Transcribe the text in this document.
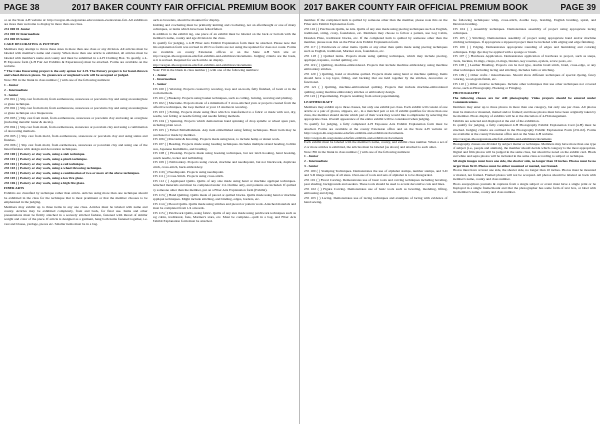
PAGE 38	2017 BAKER COUNTY FAIR OFFICIAL PREMIUM BOOK

or on the State 4-H website at: http://oregon.4h.oregonstate.edu/contests-events/state-fair. All exhibitors are more than welcome to display in more than one class.

231 000 01 Junior

231 000 02 Intermediate

231 000 03 Senior

CAKE DECORATING & POTTERY

Members may attempt to throw these sizes in more than one class or any division. All articles must be labeled with member's name and county. When more than one article is exhibited, all articles must be labeled with member's name and county and must be submitted in a 4-H Clothing Box. To qualify, a 4-H Exposure form (4-H Fair Art Exhibits & Experiences) must be attached. Forms are available on the website.

* The Cake Decorating project is the only option for 4-H. The Pottery project is for hand-thrown and wheel-thrown pieces. No greenware or unglazed work will be accepted or judged.

Note: Fill in the blank in class number ( ) with one of the following numbers:

1 - Junior

2 - Intermediate

3 - Senior

235 001 ( ) Slip cast from mold, from earthenware, stoneware or porcelain clay and using an underglaze or glaze technique.

235 002 ( ) Slip cast from mold, from earthenware, stoneware or porcelain clay and using an underglaze or glaze technique on a bisqueware.

235 003 ( ) Slip cast from mold, from earthenware, stoneware or porcelain clay and using an overglaze (including metallic luster & decals).

235 004 ( ) Slip cast from mold, from earthenware, stoneware or porcelain clay and using a combination of decorating methods.

235 005 ( ) Slip cast from mold, from earthenware, stoneware or porcelain clay and using stains and finishes.

235 006 ( ) Slip cast from mold, from earthenware, stoneware or porcelain clay and using one of the listed finishes with design and decoration techniques.

235 100 ( ) Pottery or clay work, using a slab technique.

235 101 ( ) Pottery or clay work, using a pinch technique.

235 102 ( ) Pottery or clay work, using a coil technique.

235 103 ( ) Pottery or clay work, using a wheel throwing technique.

235 104 ( ) Pottery or clay work, using a combination of two or more of the above techniques.

235 105 ( ) Pottery or clay work, using a low fire glaze.

235 106 ( ) Pottery or clay work, using a high fire glaze.

FIBER ARTS

Exhibits are classified by technique rather than article. Articles using more than one technique should be exhibited in the class for the technique that is most prominent or that the member chooses to be emphasized in the judging.

Members may exhibit up to three items in any one class. Articles must be labeled with name and county. Articles may be exhibited completely, front and back, for final use. Items and other presentations must be firmly attached in a securely stitched fashion, fastened with thread of similar weight and color of the piece. If article is designed as a garment, hang both items fastened together, i.e. vest and blouse, yardage, pieces etc. Smaller items must be in a bag.

such as bracelets, should be mounted for display.

Knitting and crocheting must be primarily knitting and crocheting, not an afterthought or one of many techniques, or items which have been felted/felted.

In addition to the exhibit tag, one piece of an exhibit must be labeled on the back or bottom with the member's name, county and age division in the class.

To qualify for judging, a 4-H Fiber Arts Exhibit Explanation form must be attached. Please note that this explanation form was revised in 2013 so forms are not using the updated for does not count. Forms are available on county Extension offices or on the State 4-H Web site at: http://oregon.4h.oregonstate.edu/fair-exhibits-and-exhibitors/documents. Judging criteria are the basis, as it is revised. Required for each article on display.

http://oregon.4h.oregonstate.edu/fair-exhibits-and-exhibitors/documents

Note: Fill in the blank in class number ( ) with one of the following numbers:

1 - Junior

2 - Intermediate

3 - Senior

235 100 ( ) Weaving. Projects created by weaving, loop and on-loom, fully finished, of loom or in the loom methods.

235 101 ( ) Basketry. Projects using basket techniques, such as coiling, twining, weaving and plaiting.

235 102 ( ) Macrame. Projects made of a minimum of 3 cross-stitched yarn or projects created from the reflective techniques, the loop method or your 13 studies in weaving.

235 103 ( ) Felting. Projects made using fiber which is transformed to a fabric or made with wet, dry, needle, wet felting or needle felting and needle felting methods.

235 104 ( ) Spinning. Projects which demonstrate hand spinning of drop spindle or wheel spun yarn, including plain wool.

235 105 ( ) Felted Embellishment. Any item embellished using felting techniques. Basic item may be purchased or made by member.

235 106 ( ) Macramé & Knotting. Projects made using knot, to include hemp or sinnet work.

235 107 ( ) Beading. Projects made using beading techniques. Includes multiple strand beading, bobbin lace, Japanese Kumihimo, and braiding.

235 108 ( ) Hooking. Projects made using hooking techniques, but not latch hooking, hand hooking, punch needle, locker and nalbinding.

235 109 ( ) Embroidery. Projects using crewel, machine and needlepoint, but not blackwork, duplicate stitch, cross-stitch, huck embroidery.

235 110 ( ) Needlepoint. Projects using needlepoint.

235 111 ( ) Cross-Stitch. Projects using cross-stitch.

235 112 ( ) Appliqued Quilts. Quilts of any size made using hand or machine appliqué techniques. Attached materials and must be completed under 1/4. Outline only, and patterns are included. If quilted by someone other than the member, put on a Fiber Arts Explanation form (Exhibit).

235 113 ( ) Hand Quilting. Quilts made of pieced or quilted blocks. Quilts made using hand or machine appliqué techniques. Might include stitching, and binding, edges, borders, etc.

235 114 ( ) Pieced Quilts. Quilts made using stitches and pieced or pattern work. Attached materials and must be completed from 1/4 onwards.

235 115 ( ) Patchwork Quilts, using fabric. Quilts of any size made using patchwork techniques such as log cabin, traditional, fans, Mariner's stars, etc. Must be complete—quilt in a bag, and Fiber Arts Exhibit Explanation form must be attached.

2017 BAKER COUNTY FAIR OFFICIAL PREMIUM BOOK	PAGE 39

member. If the completed item is quilted by someone other than the member, please note this on the Fiber Arts Exhibit Explanation form.

235 116 ( ) Patchwork Quilts, no kits. Quilts of any size made using piecing techniques such as English, traditional, string, crazy, foundation, etc. Members may choose to follow a pattern, use Log Cabin, Dresden Plate, traditional blocks, etc. If the completed item is quilted by someone other than the member, please note this on the Fiber Arts Exhibit Explanation form.

235 117 ( ) Patchwork or other items. Quilts or any other than quilts made using piecing techniques such as English, traditional, Mariner stars, foundation, etc.

235 118 ( ) Quilted items. Projects made using quilting techniques, which may include piecing, appliqué, trapunto, corded quilting, etc.

235 119 ( ) Quilting, machine-embroidered. Projects that include machine embroidery, using machine embroidery stitches.

235 120 ( ) Quilting, hand or machine quilted. Projects made using hand or machine quilting. Items should have a top layer, filling, and backing that are held together by the stitches, decorative or functional.

235 121 ( ) Quilting, machine-embroidered quilting. Projects that include machine-embroidered quilting, using machine embroidery stitches or embroidery design.

235 122 ( ) Papermaking. Projects resulting from actual papermaking.

LEATHERCRAFT

Members may exhibit up to three classes, but only one exhibit per class. Each exhibit will consist of one article or a pair of gloves, slippers, etc., in a matched pair or kit. If exhibit qualifies for more than one class, the member should decide which part of their work they would like to emphasize by selecting the appropriate class. Overall appearance of the entire exhibit will be considered when judging.

To qualify for judging, a fully completed 4-H Exposure Arts Exhibit Explanation form must be attached. Forms are available at the county Extension office and on the State 4-H website at: http://oregon.4h.oregonstate.edu/fair-exhibits-and-exhibitors/documents.

http://oregon.4h.oregonstate.edu/fair-exhibits-and-exhibitors/documents

Each exhibit must be labeled with the member's name, county, and exhibit class number. When a set of 2 or more articles is exhibited, the articles must be labeled (as above) and attached to each other.

Note: Fill in the blank in class number ( ) with one of the following numbers:

1 - Junior

2 - Intermediate

3 - Senior

235 100 ( ) Stamping Techniques. Demonstrates the use of alphabet stamps, number stamps, and 3-D and 3-D image stamps of all sizes. Over-use of tools and sets of alphabet is to be disregarded.

235 101 ( ) Floral Carving. Demonstrates use of basic tools and carving techniques including beveling, pear shading, backgrounds and seeders. These tools should be used to accent decorative cuts and lines.

235 102 ( ) Figure Carving. Demonstrates use of basic tools such as beveling, modeling, lifting, embossing and dying.

235 103 ( ) Lacing. Demonstrates use of lacing techniques and examples of lacing with evidence of hand sewing.

the following techniques: whip, cross-stitch, double loop, braiding, English braiding, spiral, and Mexican braiding.

235 104 ( ) Assembly techniques. Demonstrates assembly of project using appropriate lacing techniques.

235 105 ( ) Stitching. Demonstrates assembly of project using appropriate hand and/or machine stitching techniques. If appropriate a zippered project must be included with edging and edge finishing.

235 106 ( ) Edging. Demonstrates appropriate rounding of edges and burnishing and coloring techniques. Edge dye may be applied with a sponge or brush.

235 107 ( ) Hardware Application. Demonstrates application of hardware to project, such as snaps, rivets, buckles, D-rings, clasps, O-rings, binders, key rosettes, eyelets, screw posts, etc.

235 108 ( ) Leather Braiding. Projects can be tied type, double braid stitch, braid, cross-edge, or any other techniques including lacing and stitching. Includes belts or stitching.

235 109 ( ) Other crafts / miscellaneous. Should show different techniques of special dyeing, fancy coloring, wood-grain finish, etc.

235 110 ( ) Other creative techniques. Include other techniques that use other techniques not covered above, such as Photography, Hooking or Fringing.

PHOTOGRAPHY

The following classes are for still photography. Video projects should be entered under Communications.

Members may enter up to three photos in more than one category, but only one per class. All photos must be matted or mounted, matted and/or framed; and those photos must have been originally taken by the member. Photo display of exhibits will be at the discretion of 4-H management.

Exhibits are selected and displayed at the end of the exhibition.

To qualify for judging, a fully completed 4-H Photography Exhibit Explanation Card (4-H) must be attached. Judging criteria are outlined in the Photography Exhibit Explanation Form (231-02). Forms are available at the county Extension office and on the State 4-H website.

http://oregon.4h.oregonstate.edu/fair-exhibits-and-exhibitors/documents

Photography classes are divided by subject matter or technique. Members may have more than one type of subject (i.e., people and animals), the member should decide which category is the most appropriate. Digital and film photos will be judged in the same class, but should be noted on the exhibit card. Black and white and sepia photos will be included in the same class according to subject or technique.

All single images must have one side, the shorter side, no longer than 10 inches. Photos must be no larger than 8x10. Photos must be either mounted or matted, not framed.

Photos must have at least one side, the shorter side, no longer than 10 inches. Photos must be mounted or matted, not framed. Framed photos will not be accepted. All photos should be labeled on back with member's name, county and class number.

Photo essays/photo journals & captions from a single subject or event must have a single print or be displayed in a single frame/mount and that the photographer has some form of text box, or label with the member's name, county and class number.
